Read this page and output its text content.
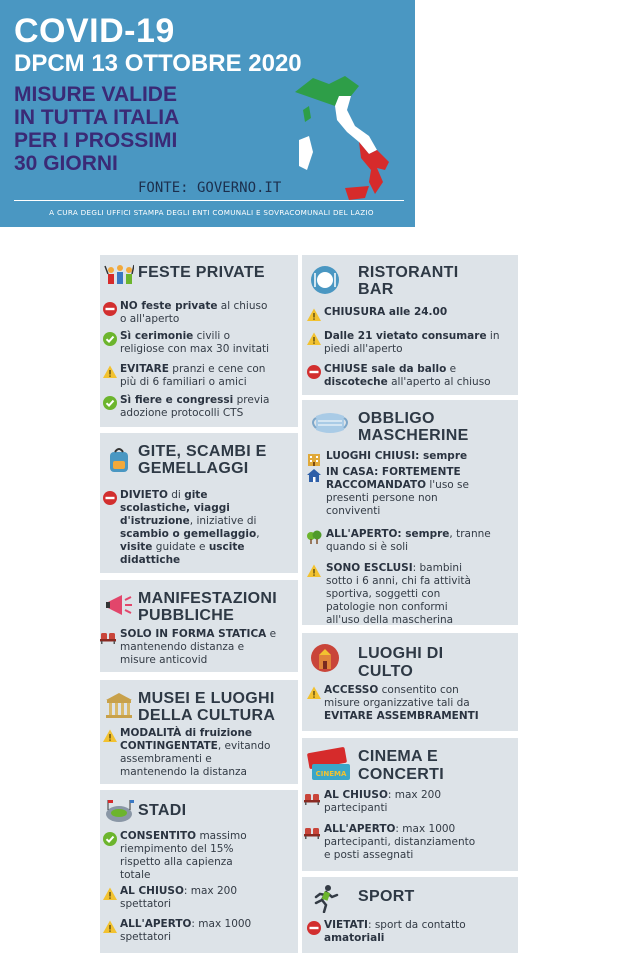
COVID-19
DPCM 13 OTTOBRE 2020
MISURE VALIDE
IN TUTTA ITALIA
PER I PROSSIMI
30 GIORNI
FONTE: GOVERNO.IT
A CURA DEGLI UFFICI STAMPA DEGLI ENTI COMUNALI E SOVRACOMUNALI DEL LAZIO
FESTE PRIVATE
NO feste private al chiuso
o all'aperto
Sì cerimonie civili o
religiose con max 30 invitati
EVITARE pranzi e cene con
più di 6 familiari o amici
Sì fiere e congressi previa
adozione protocolli CTS
GITE, SCAMBI E
GEMELLAGGI
DIVIETO di gite
scolastiche, viaggi
d'istruzione, iniziative di
scambio o gemellaggio,
visite guidate e uscite
didattiche
MANIFESTAZIONI
PUBBLICHE
SOLO IN FORMA STATICA e
mantenendo distanza e
misure anticovid
MUSEI E LUOGHI
DELLA CULTURA
MODALITÀ di fruizione
CONTINGENTATE, evitando
assembramenti e
mantenendo la distanza
STADI
CONSENTITO massimo
riempimento del 15%
rispetto alla capienza
totale
AL CHIUSO: max 200
spettatori
ALL'APERTO: max 1000
spettatori
RISTORANTI
BAR
CHIUSURA alle 24.00
Dalle 21 vietato consumare in
piedi all'aperto
CHIUSE sale da ballo e
discoteche all'aperto al chiuso
OBBLIGO
MASCHERINE
LUOGHI CHIUSI: sempre
IN CASA: FORTEMENTE
RACCOMANDATO l'uso se
presenti persone non
conviventi
ALL'APERTO: sempre, tranne
quando si è soli
SONO ESCLUSI: bambini
sotto i 6 anni, chi fa attività
sportiva, soggetti con
patologie non conformi
all'uso della mascherina
LUOGHI DI
CULTO
ACCESSO consentito con
misure organizzative tali da
EVITARE ASSEMBRAMENTI
CINEMA
CINEMA E
CONCERTI
AL CHIUSO: max 200
partecipanti
ALL'APERTO: max 1000
partecipanti, distanziamento
e posti assegnati
SPORT
VIETATI: sport da contatto
amatoriali
